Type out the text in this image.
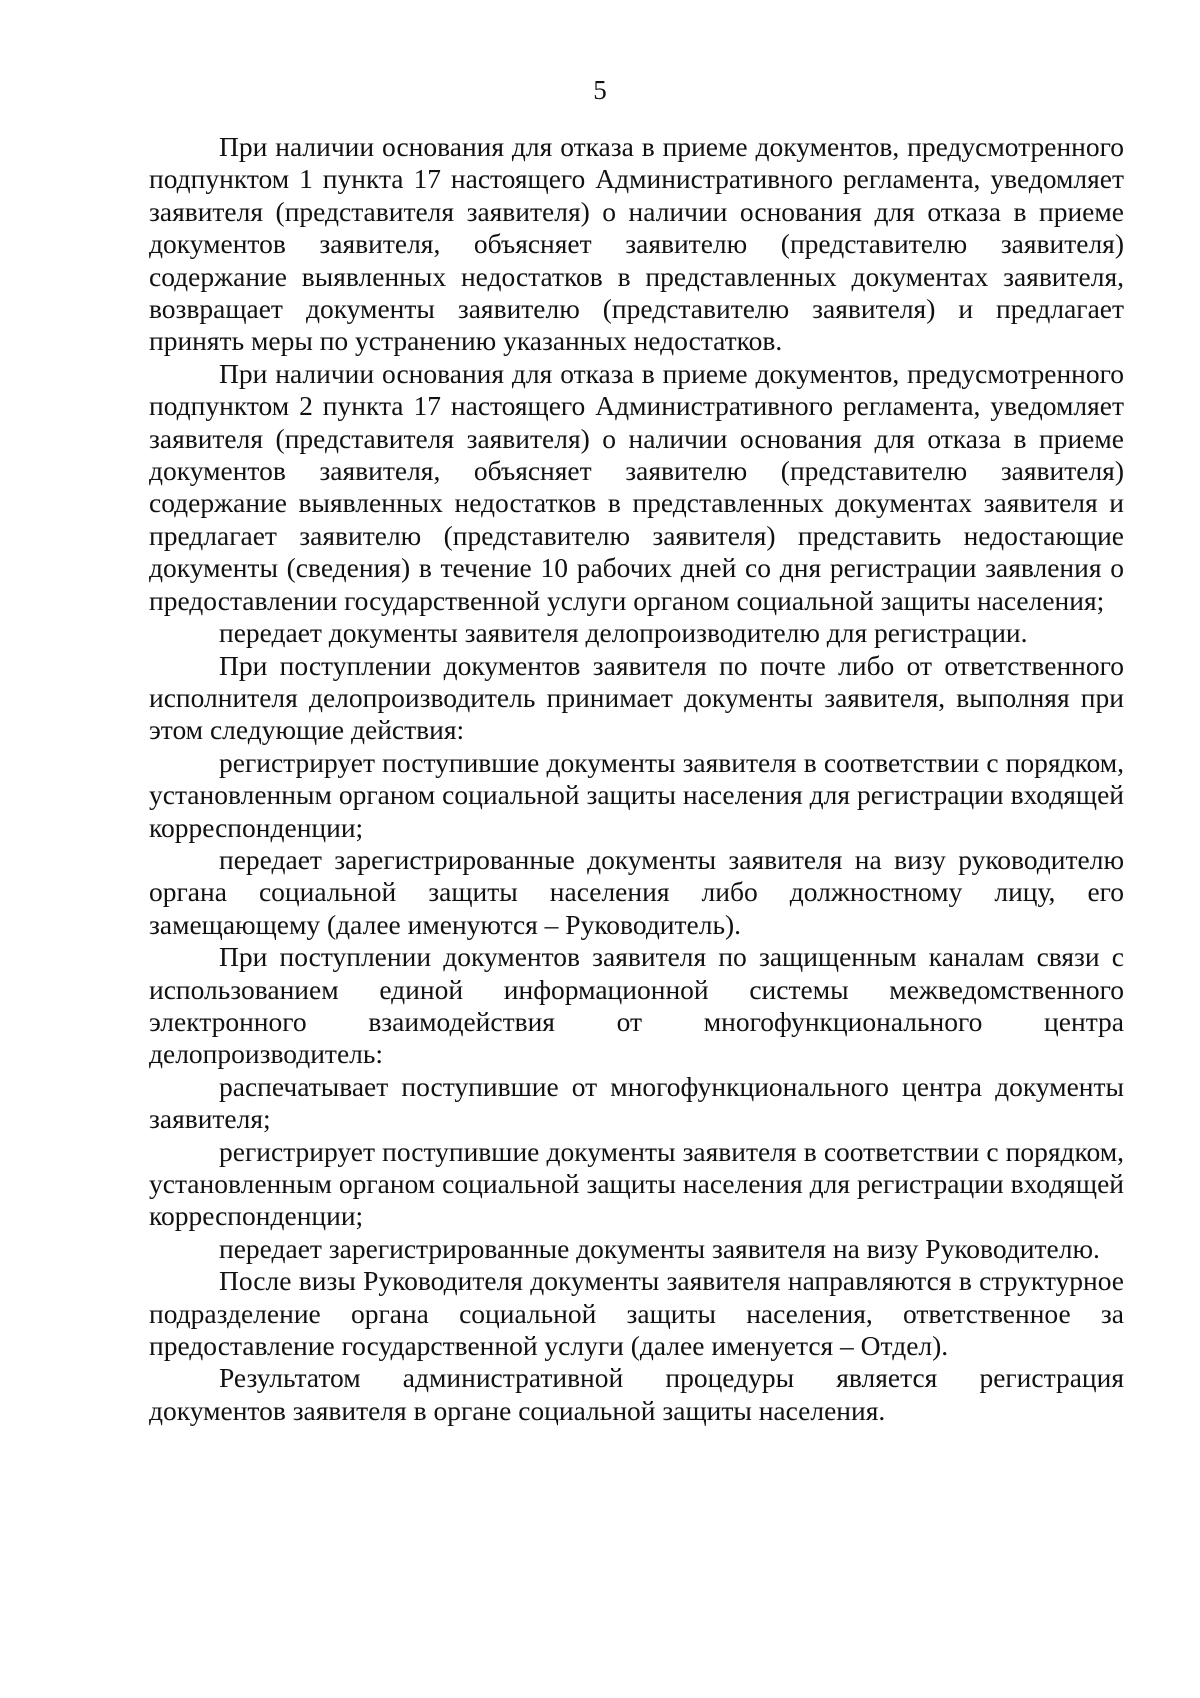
5

При наличии основания для отказа в приеме документов, предусмотренного подпунктом 1 пункта 17 настоящего Административного регламента, уведомляет заявителя (представителя заявителя) о наличии основания для отказа в приеме документов заявителя, объясняет заявителю (представителю заявителя) содержание выявленных недостатков в представленных документах заявителя, возвращает документы заявителю (представителю заявителя) и предлагает принять меры по устранению указанных недостатков.

При наличии основания для отказа в приеме документов, предусмотренного подпунктом 2 пункта 17 настоящего Административного регламента, уведомляет заявителя (представителя заявителя) о наличии основания для отказа в приеме документов заявителя, объясняет заявителю (представителю заявителя) содержание выявленных недостатков в представленных документах заявителя и предлагает заявителю (представителю заявителя) представить недостающие документы (сведения) в течение 10 рабочих дней со дня регистрации заявления о предоставлении государственной услуги органом социальной защиты населения;

передает документы заявителя делопроизводителю для регистрации.

При поступлении документов заявителя по почте либо от ответственного исполнителя делопроизводитель принимает документы заявителя, выполняя при этом следующие действия:

регистрирует поступившие документы заявителя в соответствии с порядком, установленным органом социальной защиты населения для регистрации входящей корреспонденции;

передает зарегистрированные документы заявителя на визу руководителю органа социальной защиты населения либо должностному лицу, его замещающему (далее именуются – Руководитель).

При поступлении документов заявителя по защищенным каналам связи с использованием единой информационной системы межведомственного электронного взаимодействия от многофункционального центра делопроизводитель:

распечатывает поступившие от многофункционального центра документы заявителя;

регистрирует поступившие документы заявителя в соответствии с порядком, установленным органом социальной защиты населения для регистрации входящей корреспонденции;

передает зарегистрированные документы заявителя на визу Руководителю.

После визы Руководителя документы заявителя направляются в структурное подразделение органа социальной защиты населения, ответственное за предоставление государственной услуги (далее именуется – Отдел).

Результатом административной процедуры является регистрация документов заявителя в органе социальной защиты населения.
